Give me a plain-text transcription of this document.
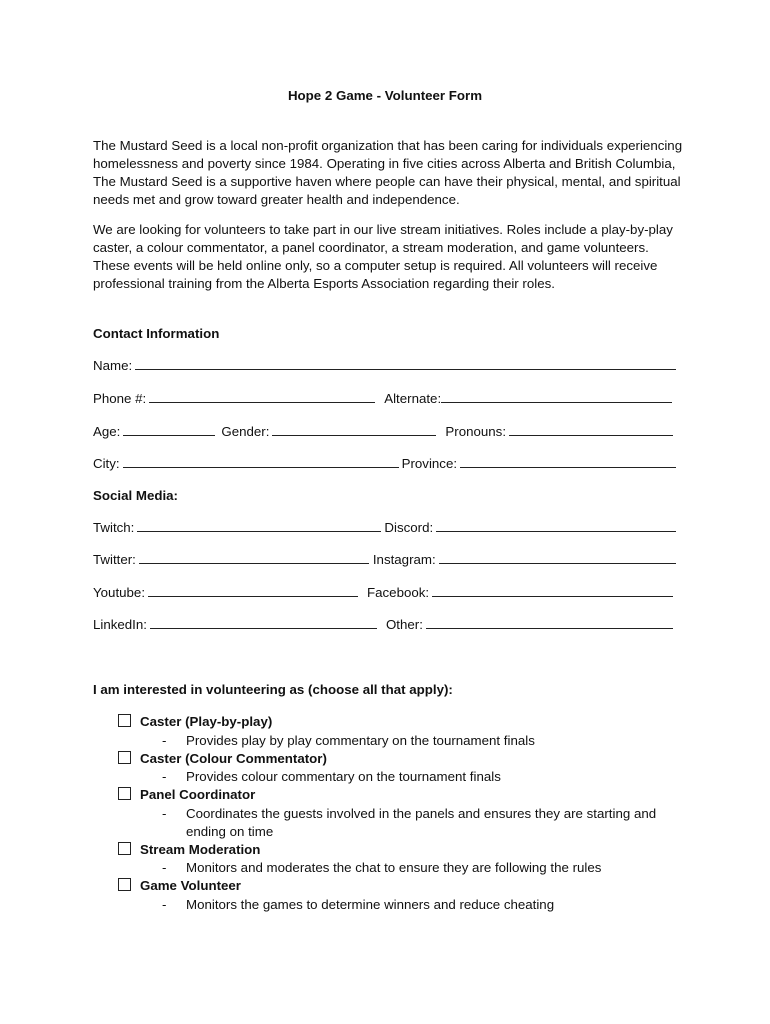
Hope 2 Game - Volunteer Form

The Mustard Seed is a local non-profit organization that has been caring for individuals experiencing homelessness and poverty since 1984. Operating in five cities across Alberta and British Columbia, The Mustard Seed is a supportive haven where people can have their physical, mental, and spiritual needs met and grow toward greater health and independence.

We are looking for volunteers to take part in our live stream initiatives. Roles include a play-by-play caster, a colour commentator, a panel coordinator, a stream moderation, and game volunteers. These events will be held online only, so a computer setup is required. All volunteers will receive professional training from the Alberta Esports Association regarding their roles.

Contact Information

Name:
Phone #:	Alternate:
Age:	Gender:	Pronouns:
City:	Province:

Social Media:

Twitch:	Discord:
Twitter:	Instagram:
Youtube:	Facebook:
LinkedIn:	Other:

I am interested in volunteering as (choose all that apply):

Caster (Play-by-play)
-	Provides play by play commentary on the tournament finals
Caster (Colour Commentator)
-	Provides colour commentary on the tournament finals
Panel Coordinator
-	Coordinates the guests involved in the panels and ensures they are starting and ending on time
Stream Moderation
-	Monitors and moderates the chat to ensure they are following the rules
Game Volunteer
-	Monitors the games to determine winners and reduce cheating
